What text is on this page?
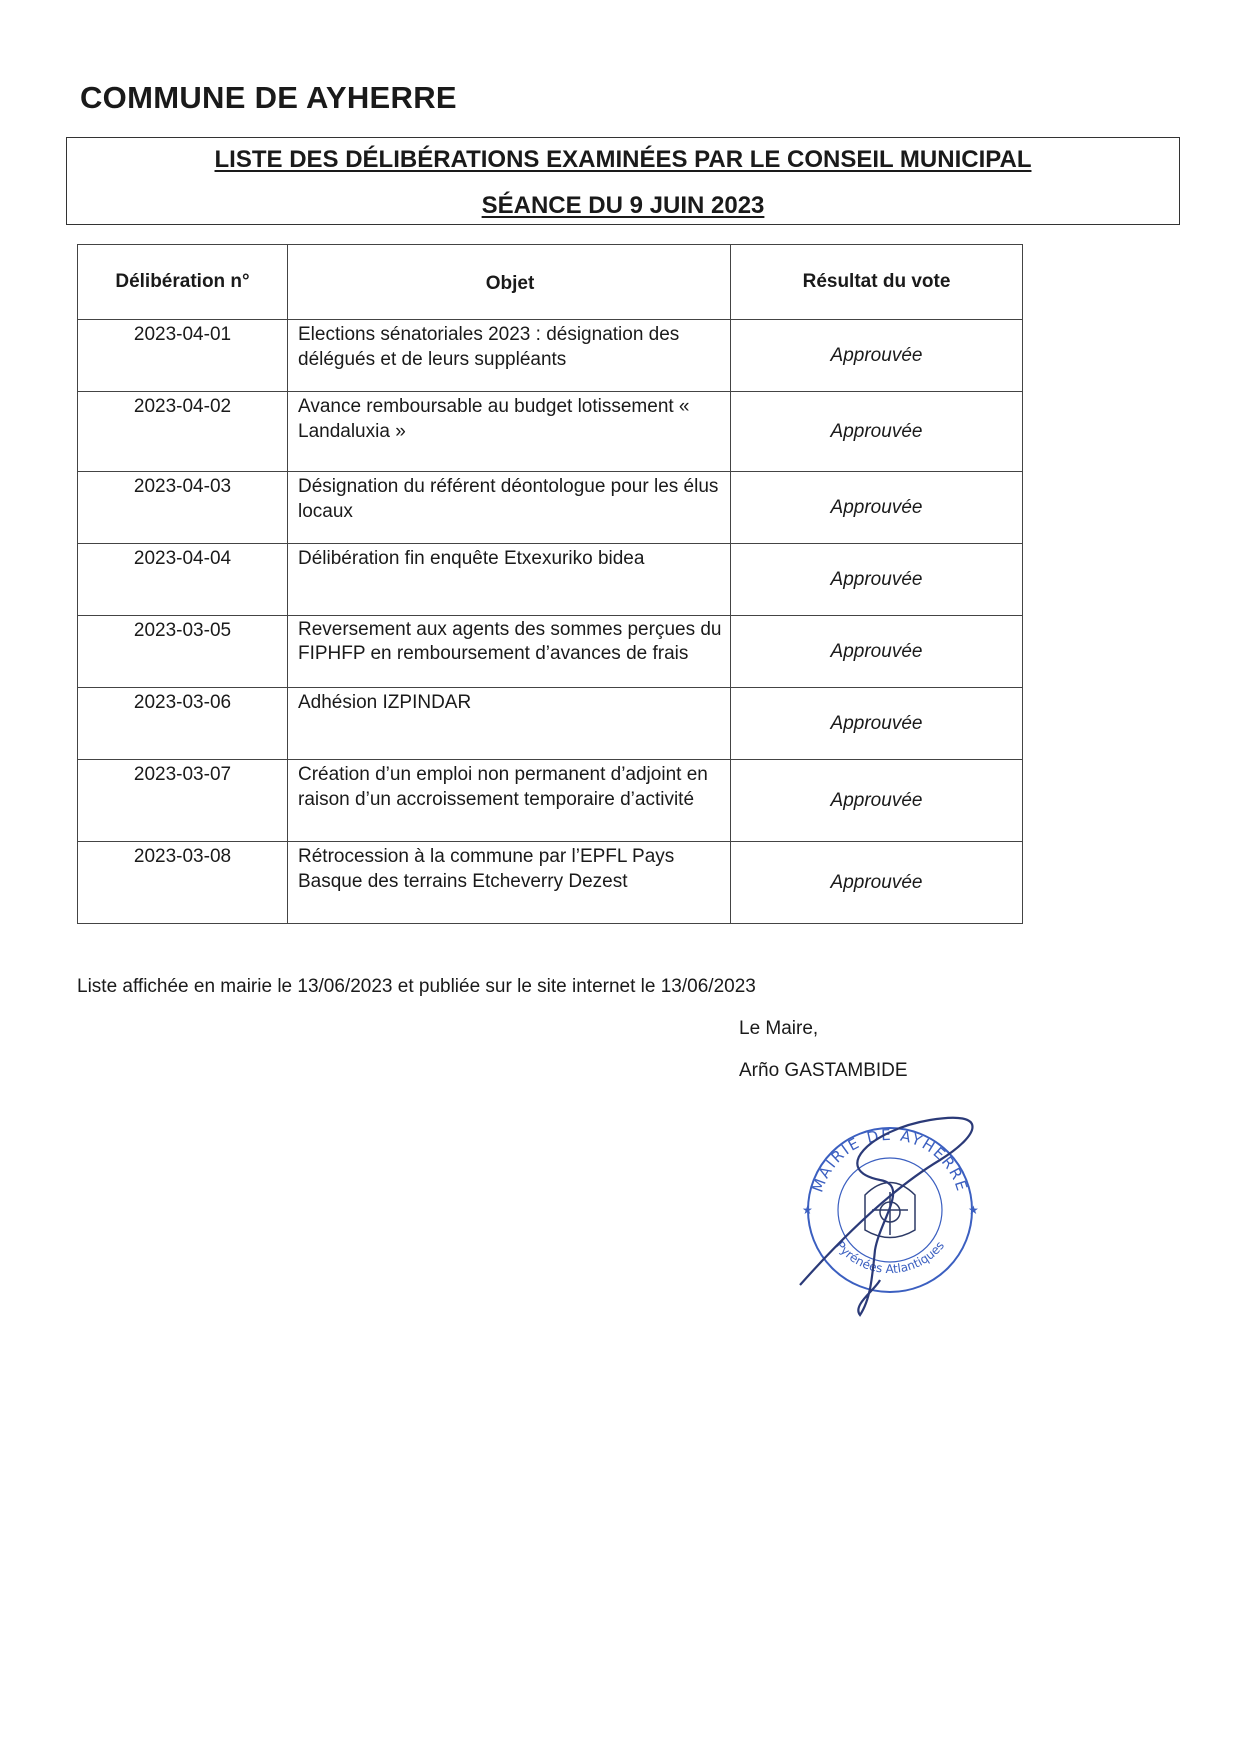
COMMUNE DE AYHERRE
LISTE DES DÉLIBÉRATIONS EXAMINÉES PAR LE CONSEIL MUNICIPAL
SÉANCE DU 9 JUIN 2023
Délibération n°	Objet	Résultat du vote
2023-04-01	Elections sénatoriales 2023 : désignation des délégués et de leurs suppléants	Approuvée
2023-04-02	Avance remboursable au budget lotissement « Landaluxia »	Approuvée
2023-04-03	Désignation du référent déontologue pour les élus locaux	Approuvée
2023-04-04	Délibération fin enquête Etxexuriko bidea	Approuvée
2023-03-05	Reversement aux agents des sommes perçues du FIPHFP en remboursement d’avances de frais	Approuvée
2023-03-06	Adhésion IZPINDAR	Approuvée
2023-03-07	Création d’un emploi non permanent d’adjoint en raison d’un accroissement temporaire d’activité	Approuvée
2023-03-08	Rétrocession à la commune par l’EPFL Pays Basque des terrains Etcheverry Dezest	Approuvée
Liste affichée en mairie le 13/06/2023 et publiée sur le site internet le 13/06/2023
Le Maire,
Arño GASTAMBIDE
MAIRIE DE AYHERRE
Pyrénées Atlantiques
★	★
